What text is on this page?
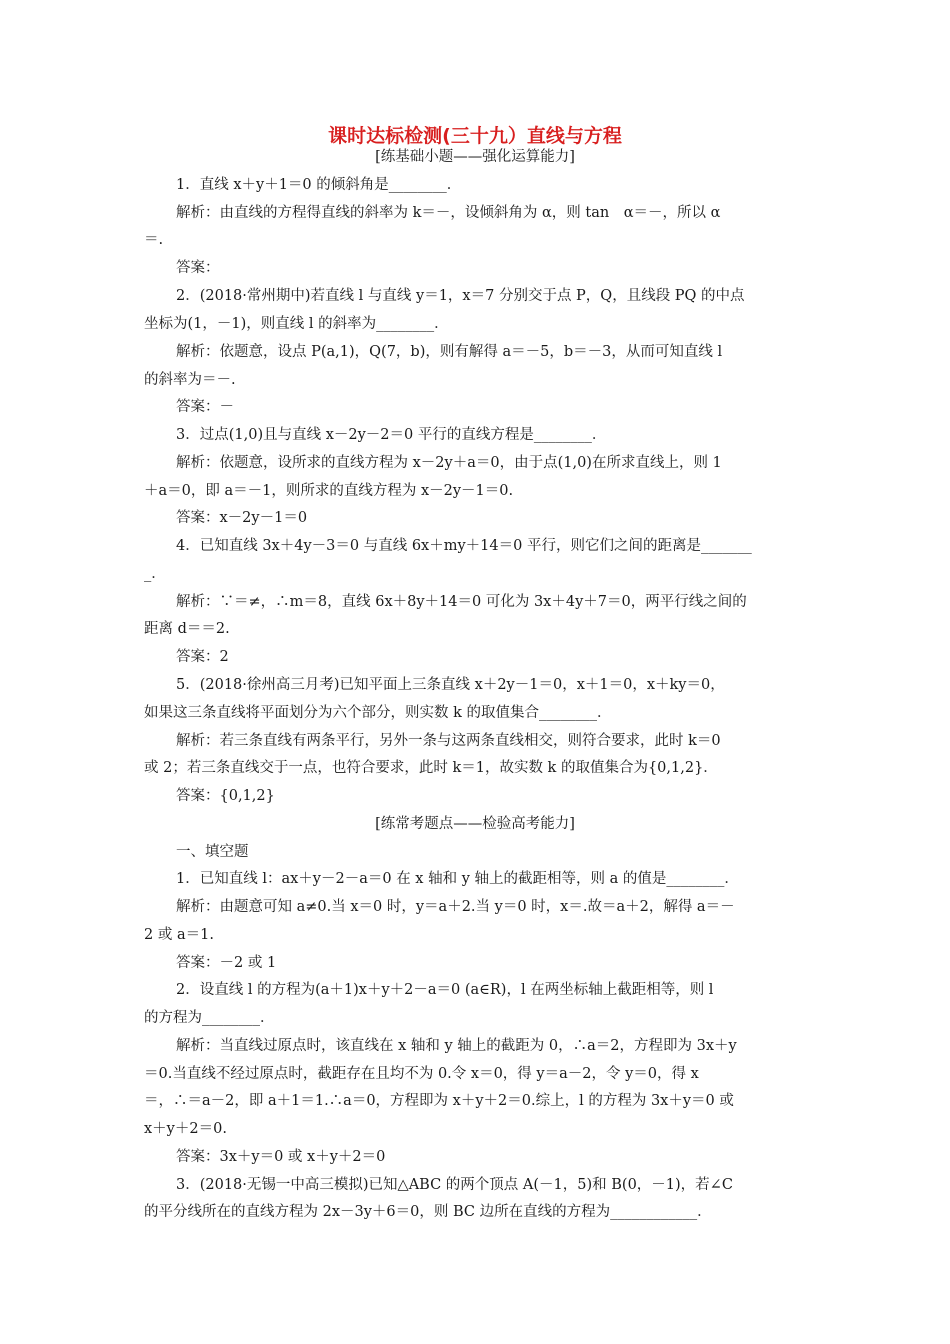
课时达标检测(三十九）直线与方程
[练基础小题——强化运算能力]
[练常考题点——检验高考能力]
1．直线 x＋y＋1＝0 的倾斜角是________．
解析：由直线的方程得直线的斜率为 k＝－，设倾斜角为 α，则 tan　α＝－，所以 α
＝.
答案：
2．(2018·常州期中)若直线 l 与直线 y＝1，x＝7 分别交于点 P，Q，且线段 PQ 的中点
坐标为(1，－1)，则直线 l 的斜率为________．
解析：依题意，设点 P(a,1)，Q(7，b)，则有解得 a＝－5，b＝－3，从而可知直线 l
的斜率为＝－.
答案：－
3．过点(1,0)且与直线 x－2y－2＝0 平行的直线方程是________．
解析：依题意，设所求的直线方程为 x－2y＋a＝0，由于点(1,0)在所求直线上，则 1
＋a＝0，即 a＝－1，则所求的直线方程为 x－2y－1＝0.
答案：x－2y－1＝0
4．已知直线 3x＋4y－3＝0 与直线 6x＋my＋14＝0 平行，则它们之间的距离是_______
_．
解析：∵＝≠，∴m＝8，直线 6x＋8y＋14＝0 可化为 3x＋4y＋7＝0，两平行线之间的
距离 d＝＝2.
答案：2
5．(2018·徐州高三月考)已知平面上三条直线 x＋2y－1＝0，x＋1＝0，x＋ky＝0，
如果这三条直线将平面划分为六个部分，则实数 k 的取值集合________．
解析：若三条直线有两条平行，另外一条与这两条直线相交，则符合要求，此时 k＝0
或 2；若三条直线交于一点，也符合要求，此时 k＝1，故实数 k 的取值集合为{0,1,2}．
答案：{0,1,2}
一、填空题
1．已知直线 l：ax＋y－2－a＝0 在 x 轴和 y 轴上的截距相等，则 a 的值是________．
解析：由题意可知 a≠0.当 x＝0 时，y＝a＋2.当 y＝0 时，x＝.故＝a＋2，解得 a＝－
2 或 a＝1.
答案：－2 或 1
2．设直线 l 的方程为(a＋1)x＋y＋2－a＝0 (a∈R)，l 在两坐标轴上截距相等，则 l
的方程为________．
解析：当直线过原点时，该直线在 x 轴和 y 轴上的截距为 0，∴a＝2，方程即为 3x＋y
＝0.当直线不经过原点时，截距存在且均不为 0.令 x＝0，得 y＝a－2，令 y＝0，得 x
＝，∴＝a－2，即 a＋1＝1.∴a＝0，方程即为 x＋y＋2＝0.综上，l 的方程为 3x＋y＝0 或
x＋y＋2＝0.
答案：3x＋y＝0 或 x＋y＋2＝0
3．(2018·无锡一中高三模拟)已知△ABC 的两个顶点 A(－1，5)和 B(0，－1)，若∠C
的平分线所在的直线方程为 2x－3y＋6＝0，则 BC 边所在直线的方程为____________．
